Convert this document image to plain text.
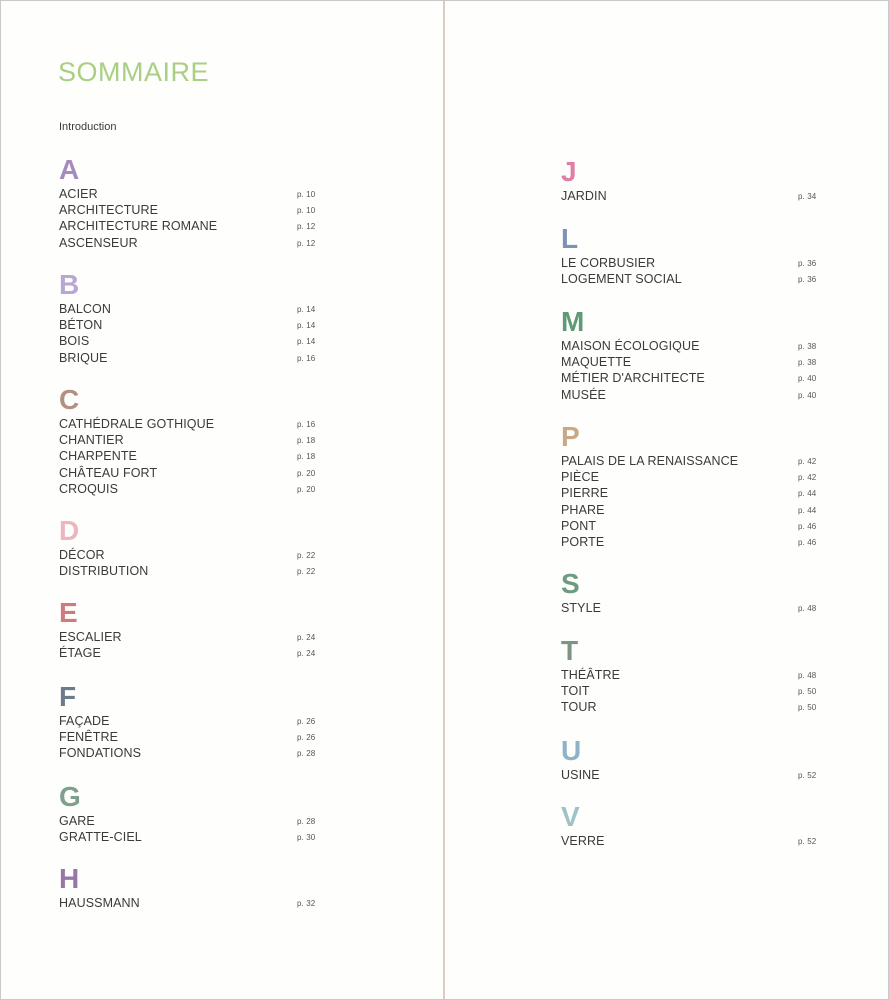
SOMMAIRE
Introduction
A
ACIER	p. 10
ARCHITECTURE	p. 10
ARCHITECTURE ROMANE	p. 12
ASCENSEUR	p. 12
B
BALCON	p. 14
BÉTON	p. 14
BOIS	p. 14
BRIQUE	p. 16
C
CATHÉDRALE GOTHIQUE	p. 16
CHANTIER	p. 18
CHARPENTE	p. 18
CHÂTEAU FORT	p. 20
CROQUIS	p. 20
D
DÉCOR	p. 22
DISTRIBUTION	p. 22
E
ESCALIER	p. 24
ÉTAGE	p. 24
F
FAÇADE	p. 26
FENÊTRE	p. 26
FONDATIONS	p. 28
G
GARE	p. 28
GRATTE-CIEL	p. 30
H
HAUSSMANN	p. 32
J
JARDIN	p. 34
L
LE CORBUSIER	p. 36
LOGEMENT SOCIAL	p. 36
M
MAISON ÉCOLOGIQUE	p. 38
MAQUETTE	p. 38
MÉTIER D'ARCHITECTE	p. 40
MUSÉE	p. 40
P
PALAIS DE LA RENAISSANCE	p. 42
PIÈCE	p. 42
PIERRE	p. 44
PHARE	p. 44
PONT	p. 46
PORTE	p. 46
S
STYLE	p. 48
T
THÉÂTRE	p. 48
TOIT	p. 50
TOUR	p. 50
U
USINE	p. 52
V
VERRE	p. 52
